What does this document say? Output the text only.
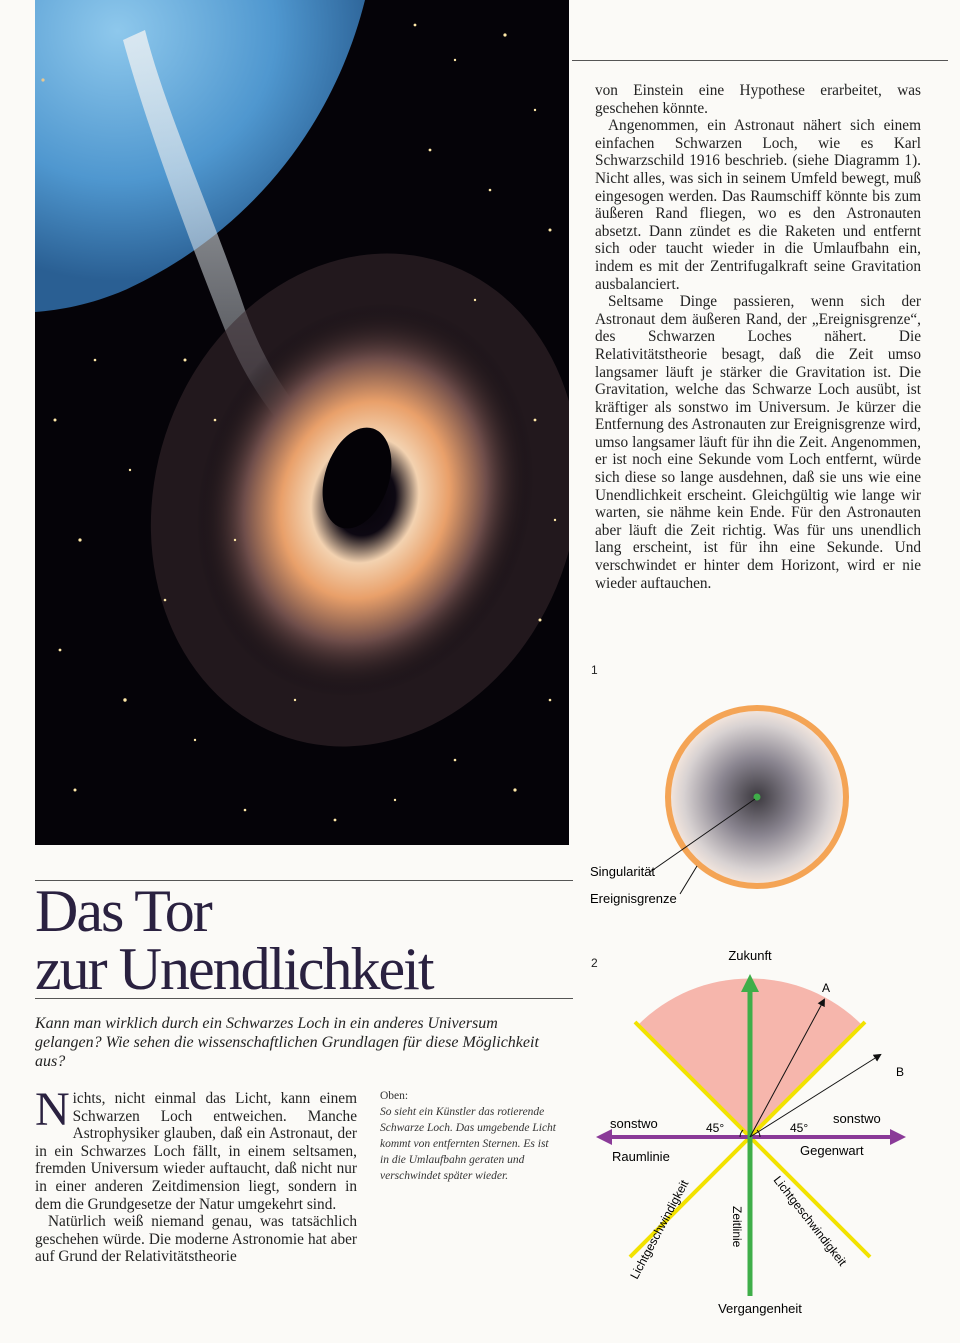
von Einstein eine Hypothese erarbeitet, was geschehen könnte.

Angenommen, ein Astronaut nähert sich einem einfachen Schwarzen Loch, wie es Karl Schwarzschild 1916 beschrieb. (siehe Diagramm 1). Nicht alles, was sich in seinem Umfeld bewegt, muß eingesogen werden. Das Raumschiff könnte bis zum äußeren Rand fliegen, wo es den Astronauten absetzt. Dann zündet es die Raketen und entfernt sich oder taucht wieder in die Umlaufbahn ein, indem es mit der Zentrifugalkraft seine Gravitation ausbalanciert.

Seltsame Dinge passieren, wenn sich der Astronaut dem äußeren Rand, der „Ereignisgrenze“, des Schwarzen Loches nähert. Die Relativitätstheorie besagt, daß die Zeit umso langsamer läuft je stärker die Gravitation ist. Die Gravitation, welche das Schwarze Loch ausübt, ist kräftiger als sonstwo im Universum. Je kürzer die Entfernung des Astronauten zur Ereignisgrenze wird, umso langsamer läuft für ihn die Zeit. Angenommen, er ist noch eine Sekunde vom Loch entfernt, würde sich diese so lange ausdehnen, daß sie uns wie eine Unendlichkeit erscheint. Gleichgültig wie lange wir warten, sie nähme kein Ende. Für den Astronauten aber läuft die Zeit richtig. Was für uns unendlich lang erscheint, ist für ihn eine Sekunde. Und verschwindet er hinter dem Horizont, wird er nie wieder auftauchen.

Das Tor
zur Unendlichkeit

Kann man wirklich durch ein Schwarzes Loch in ein anderes Universum gelangen? Wie sehen die wissenschaftlichen Grundlagen für diese Möglichkeit aus?

Nichts, nicht einmal das Licht, kann einem Schwarzen Loch entweichen. Manche Astrophysiker glauben, daß ein Astronaut, der in ein Schwarzes Loch fällt, in einem seltsamen, fremden Universum wieder auftaucht, daß nicht nur in einer anderen Zeitdimension liegt, sondern in dem die Grundgesetze der Natur umgekehrt sind.

Natürlich weiß niemand genau, was tatsächlich geschehen würde. Die moderne Astronomie hat aber auf Grund der Relativitätstheorie

Oben:
So sieht ein Künstler das rotierende Schwarze Loch. Das umgebende Licht kommt von entfernten Sternen. Es ist in die Umlaufbahn geraten und verschwindet später wieder.
1
Singularität
Ereignisgrenze
2	Zukunft
A
B
sonstwo	sonstwo
45°	45°
Raumlinie	Gegenwart
Lichtgeschwindigkeit	Lichtgeschwindigkeit
Zeitlinie
Vergangenheit
